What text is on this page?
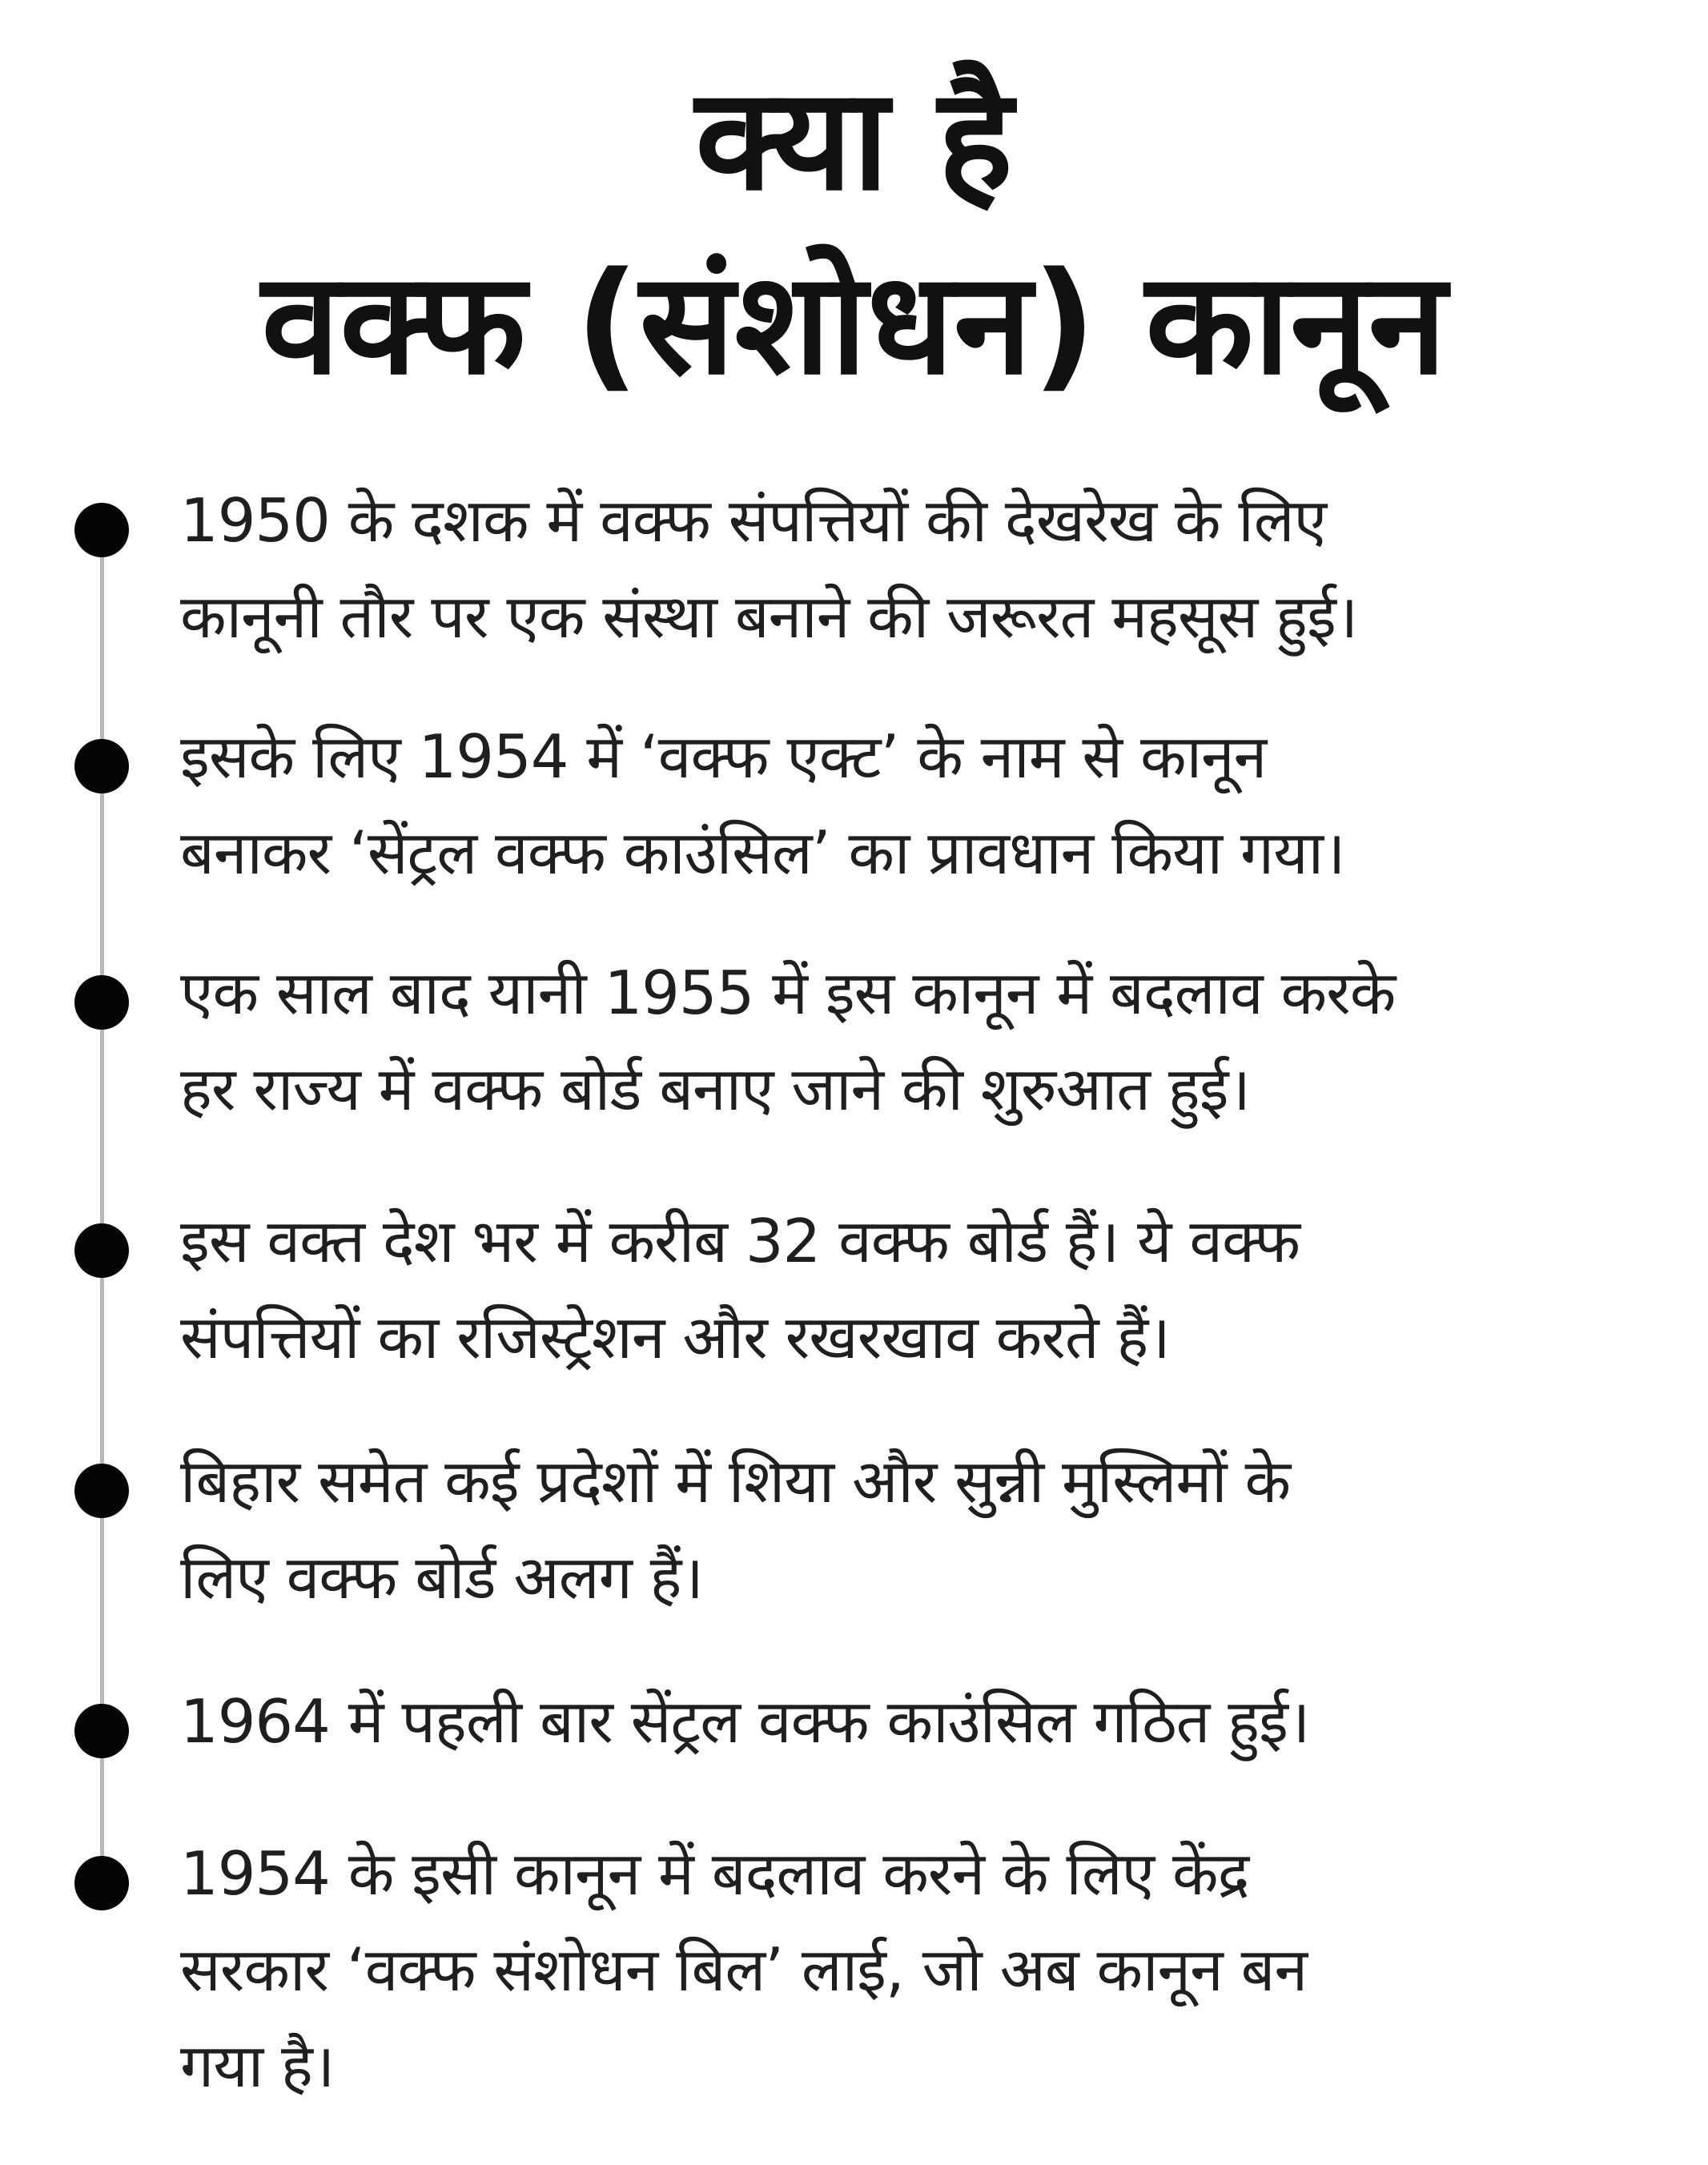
क्या है
वक्फ (संशोधन) कानून
1950 के दशक में वक्फ संपत्तियों की देखरेख के लिए
कानूनी तौर पर एक संस्था बनाने की जरूरत महसूस हुई।
इसके लिए 1954 में ‘वक्फ एक्ट’ के नाम से कानून
बनाकर ‘सेंट्रल वक्फ काउंसिल’ का प्रावधान किया गया।
एक साल बाद यानी 1955 में इस कानून में बदलाव करके
हर राज्य में वक्फ बोर्ड बनाए जाने की शुरुआत हुई।
इस वक्त देश भर में करीब 32 वक्फ बोर्ड हैं। ये वक्फ
संपत्तियों का रजिस्ट्रेशन और रखरखाव करते हैं।
बिहार समेत कई प्रदेशों में शिया और सुन्नी मुस्लिमों के
लिए वक्फ बोर्ड अलग हैं।
1964 में पहली बार सेंट्रल वक्फ काउंसिल गठित हुई।
1954 के इसी कानून में बदलाव करने के लिए केंद्र
सरकार ‘वक्फ संशोधन बिल’ लाई, जो अब कानून बन
गया है।
